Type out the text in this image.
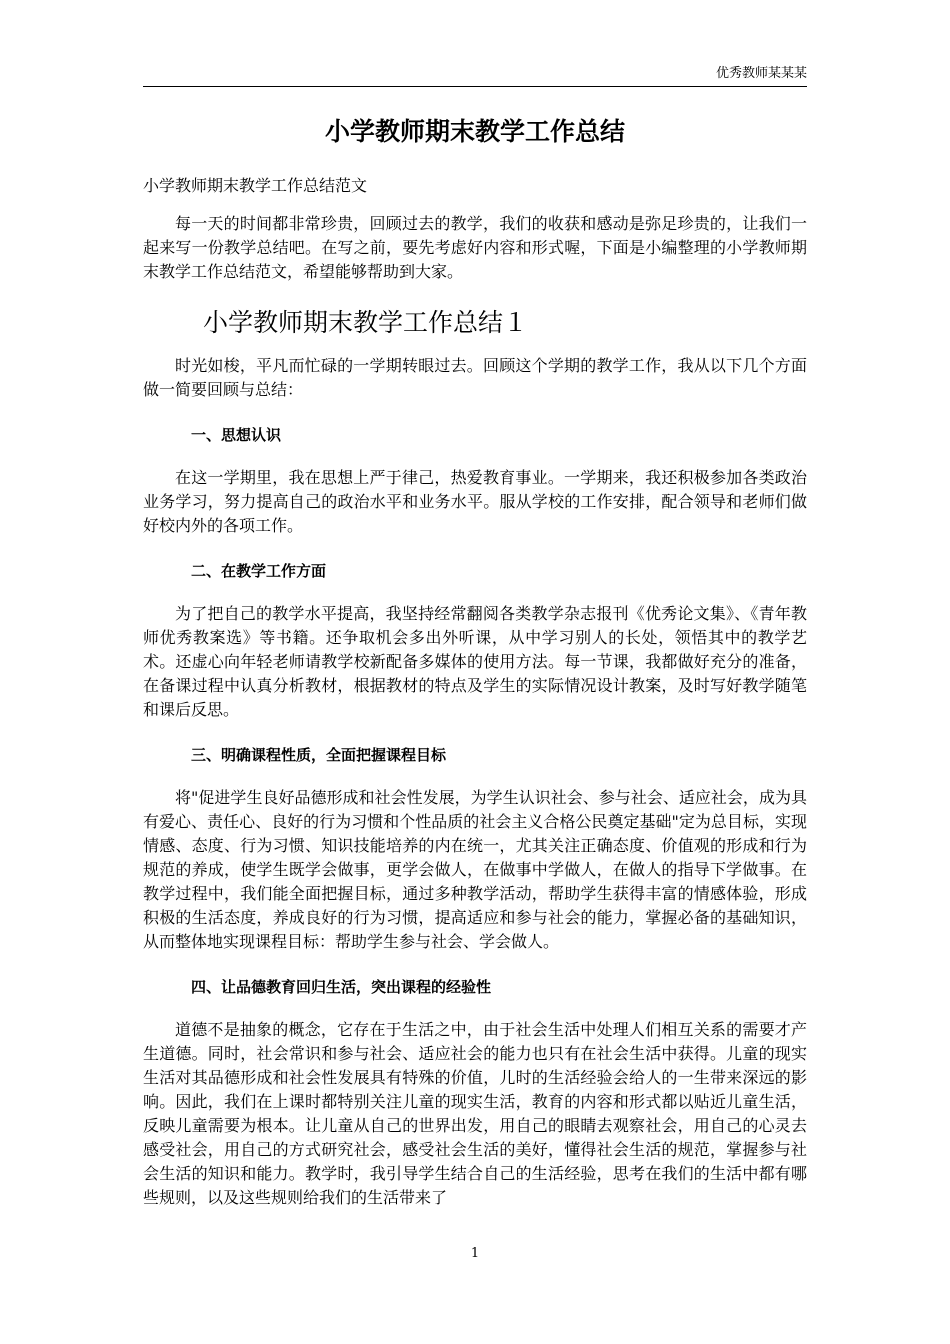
优秀教师某某某
小学教师期末教学工作总结
小学教师期末教学工作总结范文

每一天的时间都非常珍贵，回顾过去的教学，我们的收获和感动是弥足珍贵的，让我们一起来写一份教学总结吧。在写之前，要先考虑好内容和形式喔，下面是小编整理的小学教师期末教学工作总结范文，希望能够帮助到大家。

小学教师期末教学工作总结１

时光如梭，平凡而忙碌的一学期转眼过去。回顾这个学期的教学工作，我从以下几个方面做一简要回顾与总结：

一、思想认识

在这一学期里，我在思想上严于律己，热爱教育事业。一学期来，我还积极参加各类政治业务学习，努力提高自己的政治水平和业务水平。服从学校的工作安排，配合领导和老师们做好校内外的各项工作。

二、在教学工作方面

为了把自己的教学水平提高，我坚持经常翻阅各类教学杂志报刊《优秀论文集》、《青年教师优秀教案选》等书籍。还争取机会多出外听课，从中学习别人的长处，领悟其中的教学艺术。还虚心向年轻老师请教学校新配备多媒体的使用方法。每一节课，我都做好充分的准备，在备课过程中认真分析教材，根据教材的特点及学生的实际情况设计教案，及时写好教学随笔和课后反思。

三、明确课程性质，全面把握课程目标

将"促进学生良好品德形成和社会性发展，为学生认识社会、参与社会、适应社会，成为具有爱心、责任心、良好的行为习惯和个性品质的社会主义合格公民奠定基础"定为总目标，实现情感、态度、行为习惯、知识技能培养的内在统一，尤其关注正确态度、价值观的形成和行为规范的养成，使学生既学会做事，更学会做人，在做事中学做人，在做人的指导下学做事。在教学过程中，我们能全面把握目标，通过多种教学活动，帮助学生获得丰富的情感体验，形成积极的生活态度，养成良好的行为习惯，提高适应和参与社会的能力，掌握必备的基础知识，从而整体地实现课程目标：帮助学生参与社会、学会做人。

四、让品德教育回归生活，突出课程的经验性

道德不是抽象的概念，它存在于生活之中，由于社会生活中处理人们相互关系的需要才产生道德。同时，社会常识和参与社会、适应社会的能力也只有在社会生活中获得。儿童的现实生活对其品德形成和社会性发展具有特殊的价值，儿时的生活经验会给人的一生带来深远的影响。因此，我们在上课时都特别关注儿童的现实生活，教育的内容和形式都以贴近儿童生活，反映儿童需要为根本。让儿童从自己的世界出发，用自己的眼睛去观察社会，用自己的心灵去感受社会，用自己的方式研究社会，感受社会生活的美好，懂得社会生活的规范，掌握参与社会生活的知识和能力。教学时，我引导学生结合自己的生活经验，思考在我们的生活中都有哪些规则，以及这些规则给我们的生活带来了

1
